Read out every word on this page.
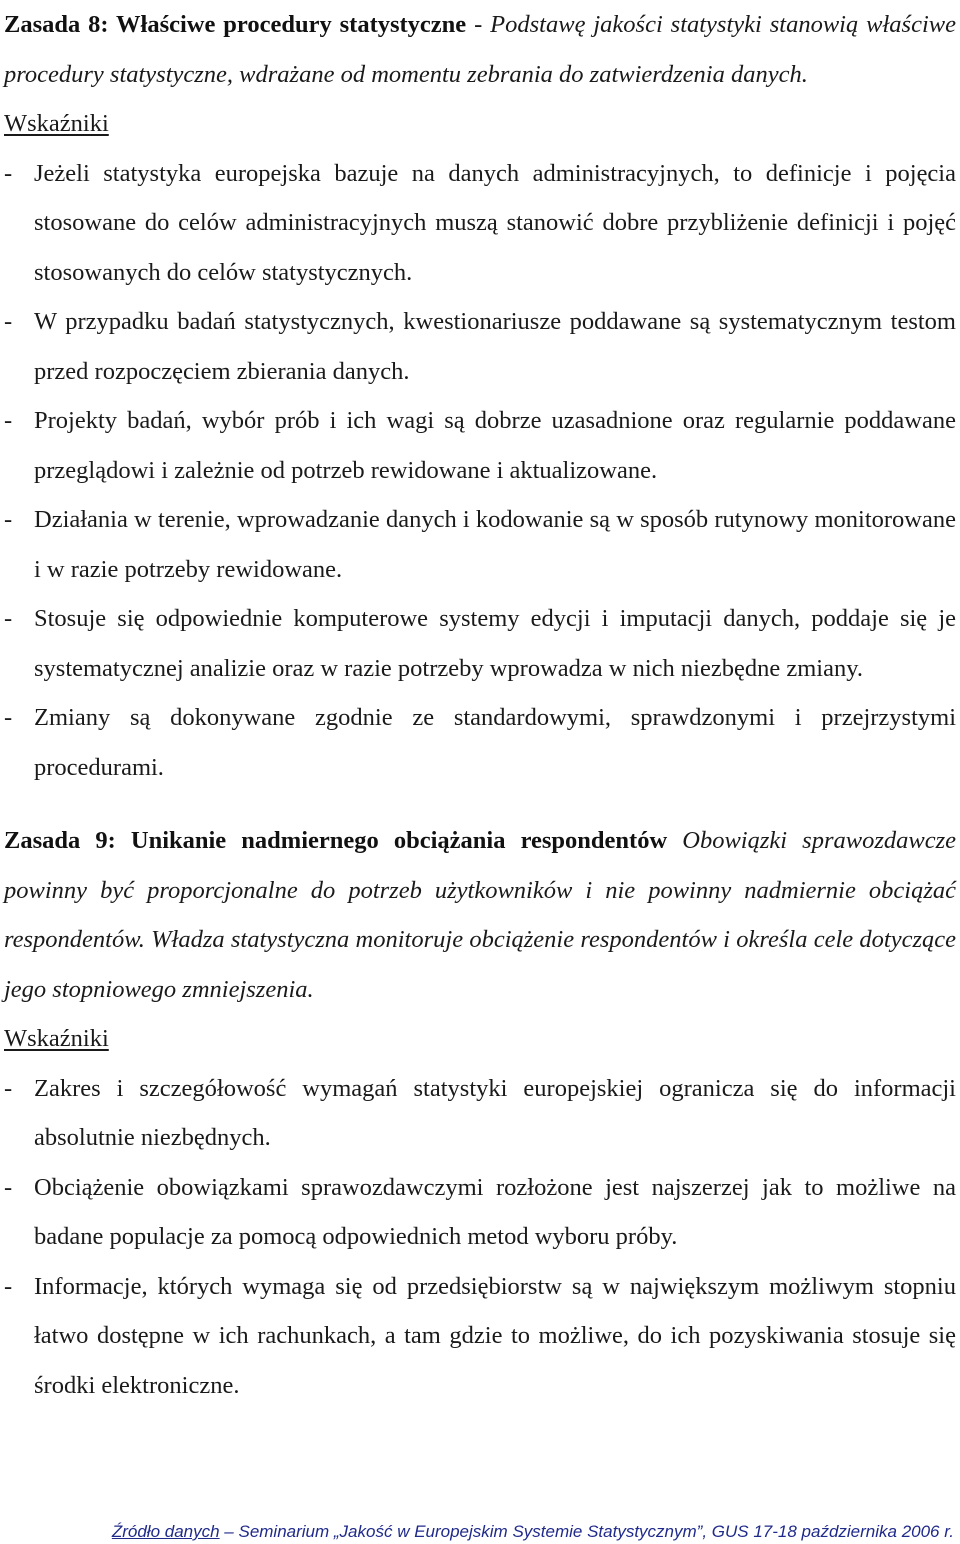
Zasada 8: Właściwe procedury statystyczne - Podstawę jakości statystyki stanowią właściwe procedury statystyczne, wdrażane od momentu zebrania do zatwierdzenia danych.

Wskaźniki

- Jeżeli statystyka europejska bazuje na danych administracyjnych, to definicje i pojęcia stosowane do celów administracyjnych muszą stanowić dobre przybliżenie definicji i pojęć stosowanych do celów statystycznych.
- W przypadku badań statystycznych, kwestionariusze poddawane są systematycznym testom przed rozpoczęciem zbierania danych.
- Projekty badań, wybór prób i ich wagi są dobrze uzasadnione oraz regularnie poddawane przeglądowi i zależnie od potrzeb rewidowane i aktualizowane.
- Działania w terenie, wprowadzanie danych i kodowanie są w sposób rutynowy monitorowane i w razie potrzeby rewidowane.
- Stosuje się odpowiednie komputerowe systemy edycji i imputacji danych, poddaje się je systematycznej analizie oraz w razie potrzeby wprowadza w nich niezbędne zmiany.
- Zmiany są dokonywane zgodnie ze standardowymi, sprawdzonymi i przejrzystymi procedurami.

Zasada 9: Unikanie nadmiernego obciążania respondentów Obowiązki sprawozdawcze powinny być proporcjonalne do potrzeb użytkowników i nie powinny nadmiernie obciążać respondentów. Władza statystyczna monitoruje obciążenie respondentów i określa cele dotyczące jego stopniowego zmniejszenia.

Wskaźniki

- Zakres i szczegółowość wymagań statystyki europejskiej ogranicza się do informacji absolutnie niezbędnych.
- Obciążenie obowiązkami sprawozdawczymi rozłożone jest najszerzej jak to możliwe na badane populacje za pomocą odpowiednich metod wyboru próby.
- Informacje, których wymaga się od przedsiębiorstw są w największym możliwym stopniu łatwo dostępne w ich rachunkach, a tam gdzie to możliwe, do ich pozyskiwania stosuje się środki elektroniczne.
Źródło danych – Seminarium „Jakość w Europejskim Systemie Statystycznym”, GUS 17-18 października 2006 r.
